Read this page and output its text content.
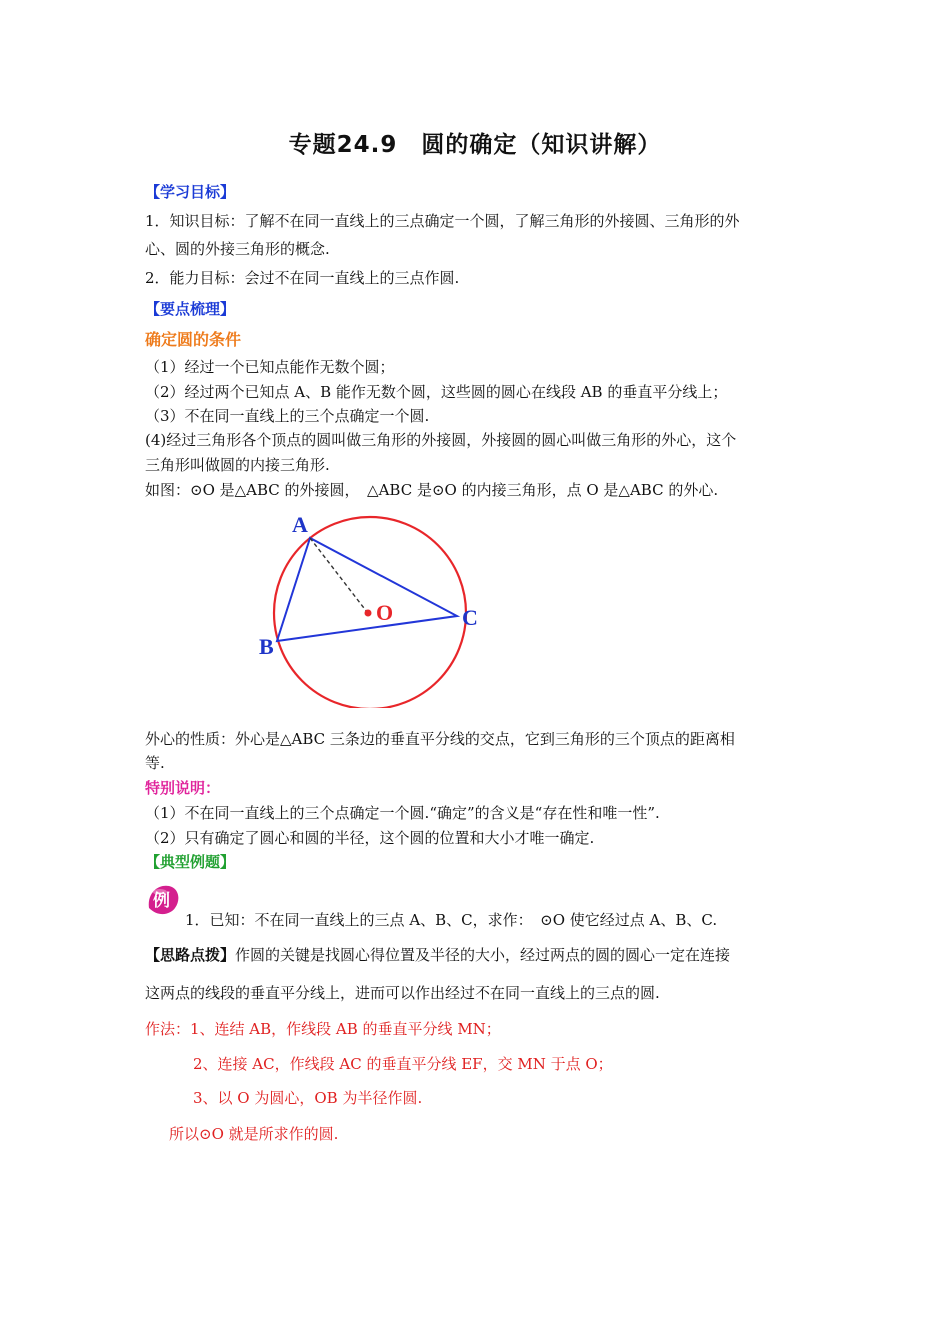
专题24.9　圆的确定（知识讲解）
【学习目标】
1．知识目标：了解不在同一直线上的三点确定一个圆，了解三角形的外接圆、三角形的外
心、圆的外接三角形的概念.
2．能力目标：会过不在同一直线上的三点作圆.
【要点梳理】
确定圆的条件
（1）经过一个已知点能作无数个圆；
（2）经过两个已知点 A、B 能作无数个圆，这些圆的圆心在线段 AB 的垂直平分线上；
（3）不在同一直线上的三个点确定一个圆.
(4)经过三角形各个顶点的圆叫做三角形的外接圆，外接圆的圆心叫做三角形的外心，这个
三角形叫做圆的内接三角形.
如图：⊙O 是△ABC 的外接圆，　△ABC 是⊙O 的内接三角形，点 O 是△ABC 的外心.
A
B
C
O
外心的性质：外心是△ABC 三条边的垂直平分线的交点，它到三角形的三个顶点的距离相
等.
特别说明：
（1）不在同一直线上的三个点确定一个圆.“确定”的含义是“存在性和唯一性”.
（2）只有确定了圆心和圆的半径，这个圆的位置和大小才唯一确定.
【典型例题】
例
1．已知：不在同一直线上的三点 A、B、C，求作：　⊙O 使它经过点 A、B、C.
【思路点拨】作圆的关键是找圆心得位置及半径的大小，经过两点的圆的圆心一定在连接
这两点的线段的垂直平分线上，进而可以作出经过不在同一直线上的三点的圆.
作法：1、连结 AB，作线段 AB 的垂直平分线 MN；
2、连接 AC，作线段 AC 的垂直平分线 EF，交 MN 于点 O；
3、以 O 为圆心，OB 为半径作圆.
所以⊙O 就是所求作的圆.
